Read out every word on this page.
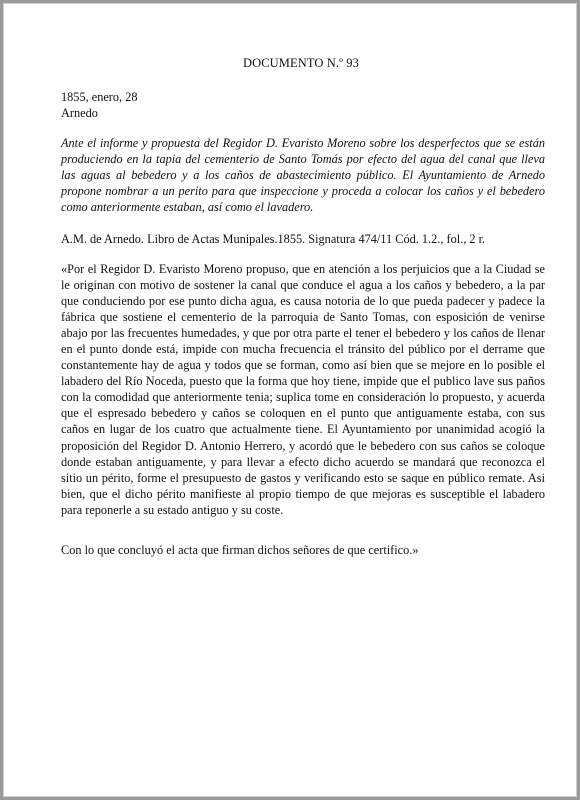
DOCUMENTO N.º 93
1855, enero, 28
Arnedo
Ante el informe y propuesta del Regidor D. Evaristo Moreno sobre los desperfectos que se están produciendo en la tapia del cementerio de Santo Tomás por efecto del agua del canal que lleva las aguas al bebedero y a los caños de abastecimiento público. El Ayuntamiento de Arnedo propone nombrar a un perito para que inspeccione y proceda a colocar los caños y el bebedero como anteriormente estaban, así como el lavadero.
A.M. de Arnedo. Libro de Actas Munipales.1855. Signatura 474/11 Cód. 1.2., fol., 2 r.
«Por el Regidor D. Evaristo Moreno propuso, que en atención a los perjuicios que a la Ciudad se le originan con motivo de sostener la canal que conduce el agua a los caños y bebedero, a la par que conduciendo por ese punto dicha agua, es causa notoria de lo que pueda padecer y padece la fábrica que sostiene el cementerio de la parroquia de Santo Tomas, con esposición de venirse abajo por las frecuentes humedades, y que por otra parte el tener el bebedero y los caños de llenar en el punto donde está, impide con mucha frecuencia el tránsito del público por el derrame que constantemente hay de agua y todos que se forman, como así bien que se mejore en lo posible el labadero del Río Noceda, puesto que la forma que hoy tiene, impide que el publico lave sus paños con la comodidad que anteriormente tenia; suplica tome en consideración lo propuesto, y acuerda que el espresado bebedero y caños se coloquen en el punto que antiguamente estaba, con sus caños en lugar de los cuatro que actualmente tiene. El Ayuntamiento por unanimidad acogió la proposición del Regidor D. Antonio Herrero, y acordó que le bebedero con sus caños se coloque donde estaban antiguamente, y para llevar a efecto dicho acuerdo se mandará que reconozca el sitio un périto, forme el presupuesto de gastos y verificando esto se saque en público remate. Asi bien, que el dicho périto manifieste al propio tiempo de que mejoras es susceptible el labadero para reponerle a su estado antiguo y su coste.
Con lo que concluyó el acta que firman dichos señores de que certifico.»
